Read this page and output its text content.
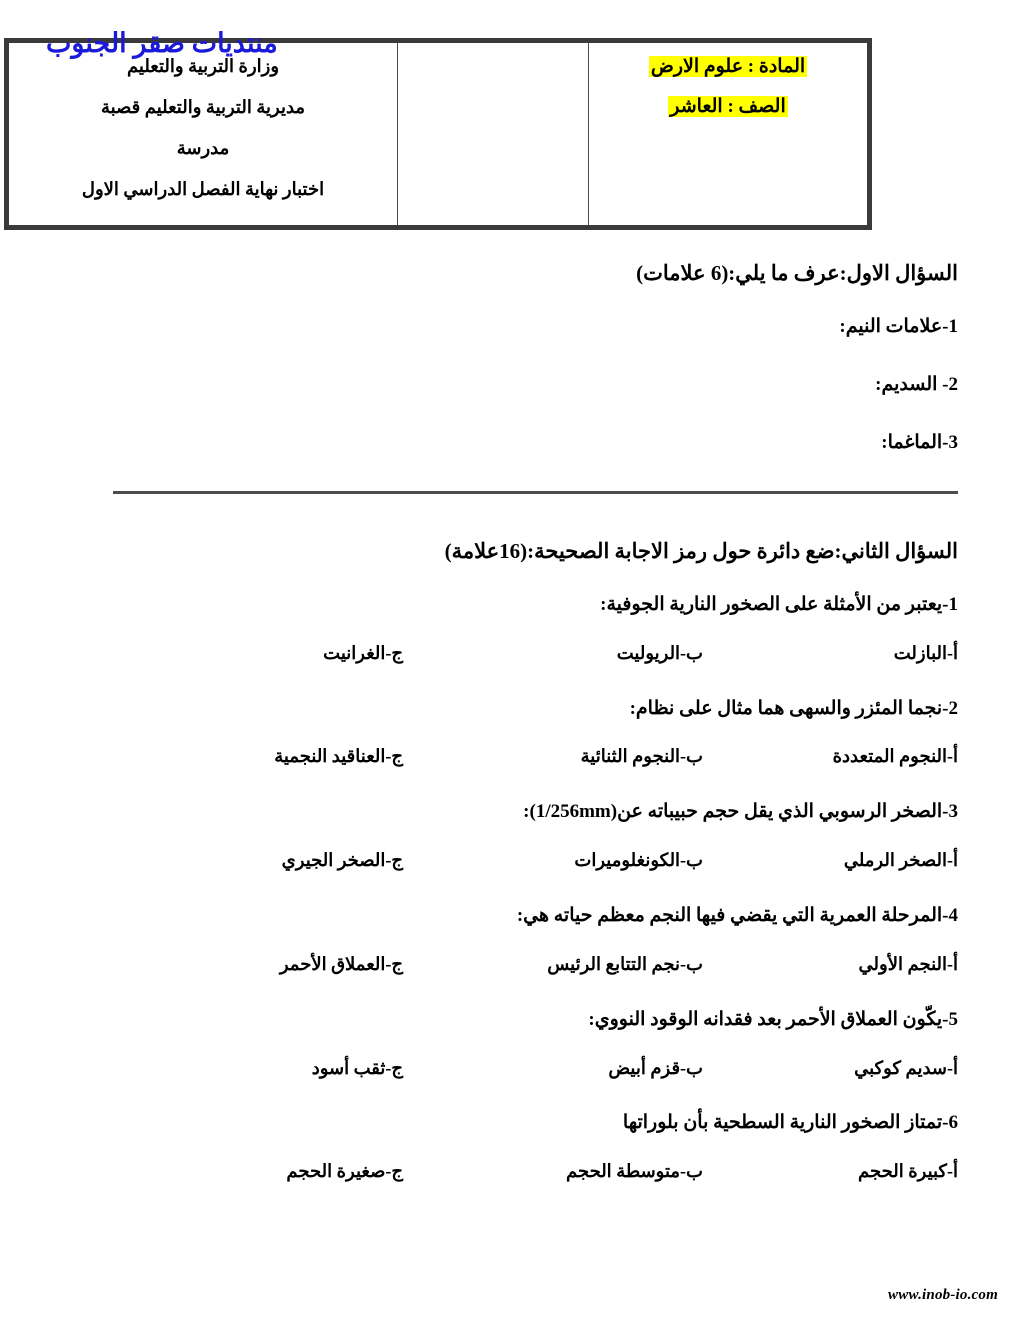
المادة : علوم الارض
الصف : العاشر

وزارة التربية والتعليم
مديرية التربية والتعليم قصبة
مدرسة
اختبار نهاية الفصل الدراسي الاول
منتديات صقر الجنوب
السؤال الاول:عرف ما يلي:(6 علامات)
1-علامات النيم:
2- السديم:
3-الماغما:
السؤال الثاني:ضع دائرة حول رمز الاجابة الصحيحة:(16علامة)
1-يعتبر من الأمثلة على الصخور النارية الجوفية:
أ-البازلت
ب-الريوليت
ج-الغرانيت
2-نجما المئزر والسهى هما مثال على نظام:
أ-النجوم المتعددة
ب-النجوم الثنائية
ج-العناقيد النجمية
3-الصخر الرسوبي الذي يقل حجم حبيباته عن(1/256mm):
أ-الصخر الرملي
ب-الكونغلوميرات
ج-الصخر الجيري
4-المرحلة العمرية التي يقضي فيها النجم معظم حياته هي:
أ-النجم الأولي
ب-نجم التتابع الرئيس
ج-العملاق الأحمر
5-يكّون العملاق الأحمر بعد فقدانه الوقود النووي:
أ-سديم كوكبي
ب-قزم أبيض
ج-ثقب أسود
6-تمتاز الصخور النارية السطحية بأن بلوراتها
أ-كبيرة الحجم
ب-متوسطة الحجم
ج-صغيرة الحجم
www.inob-io.com
